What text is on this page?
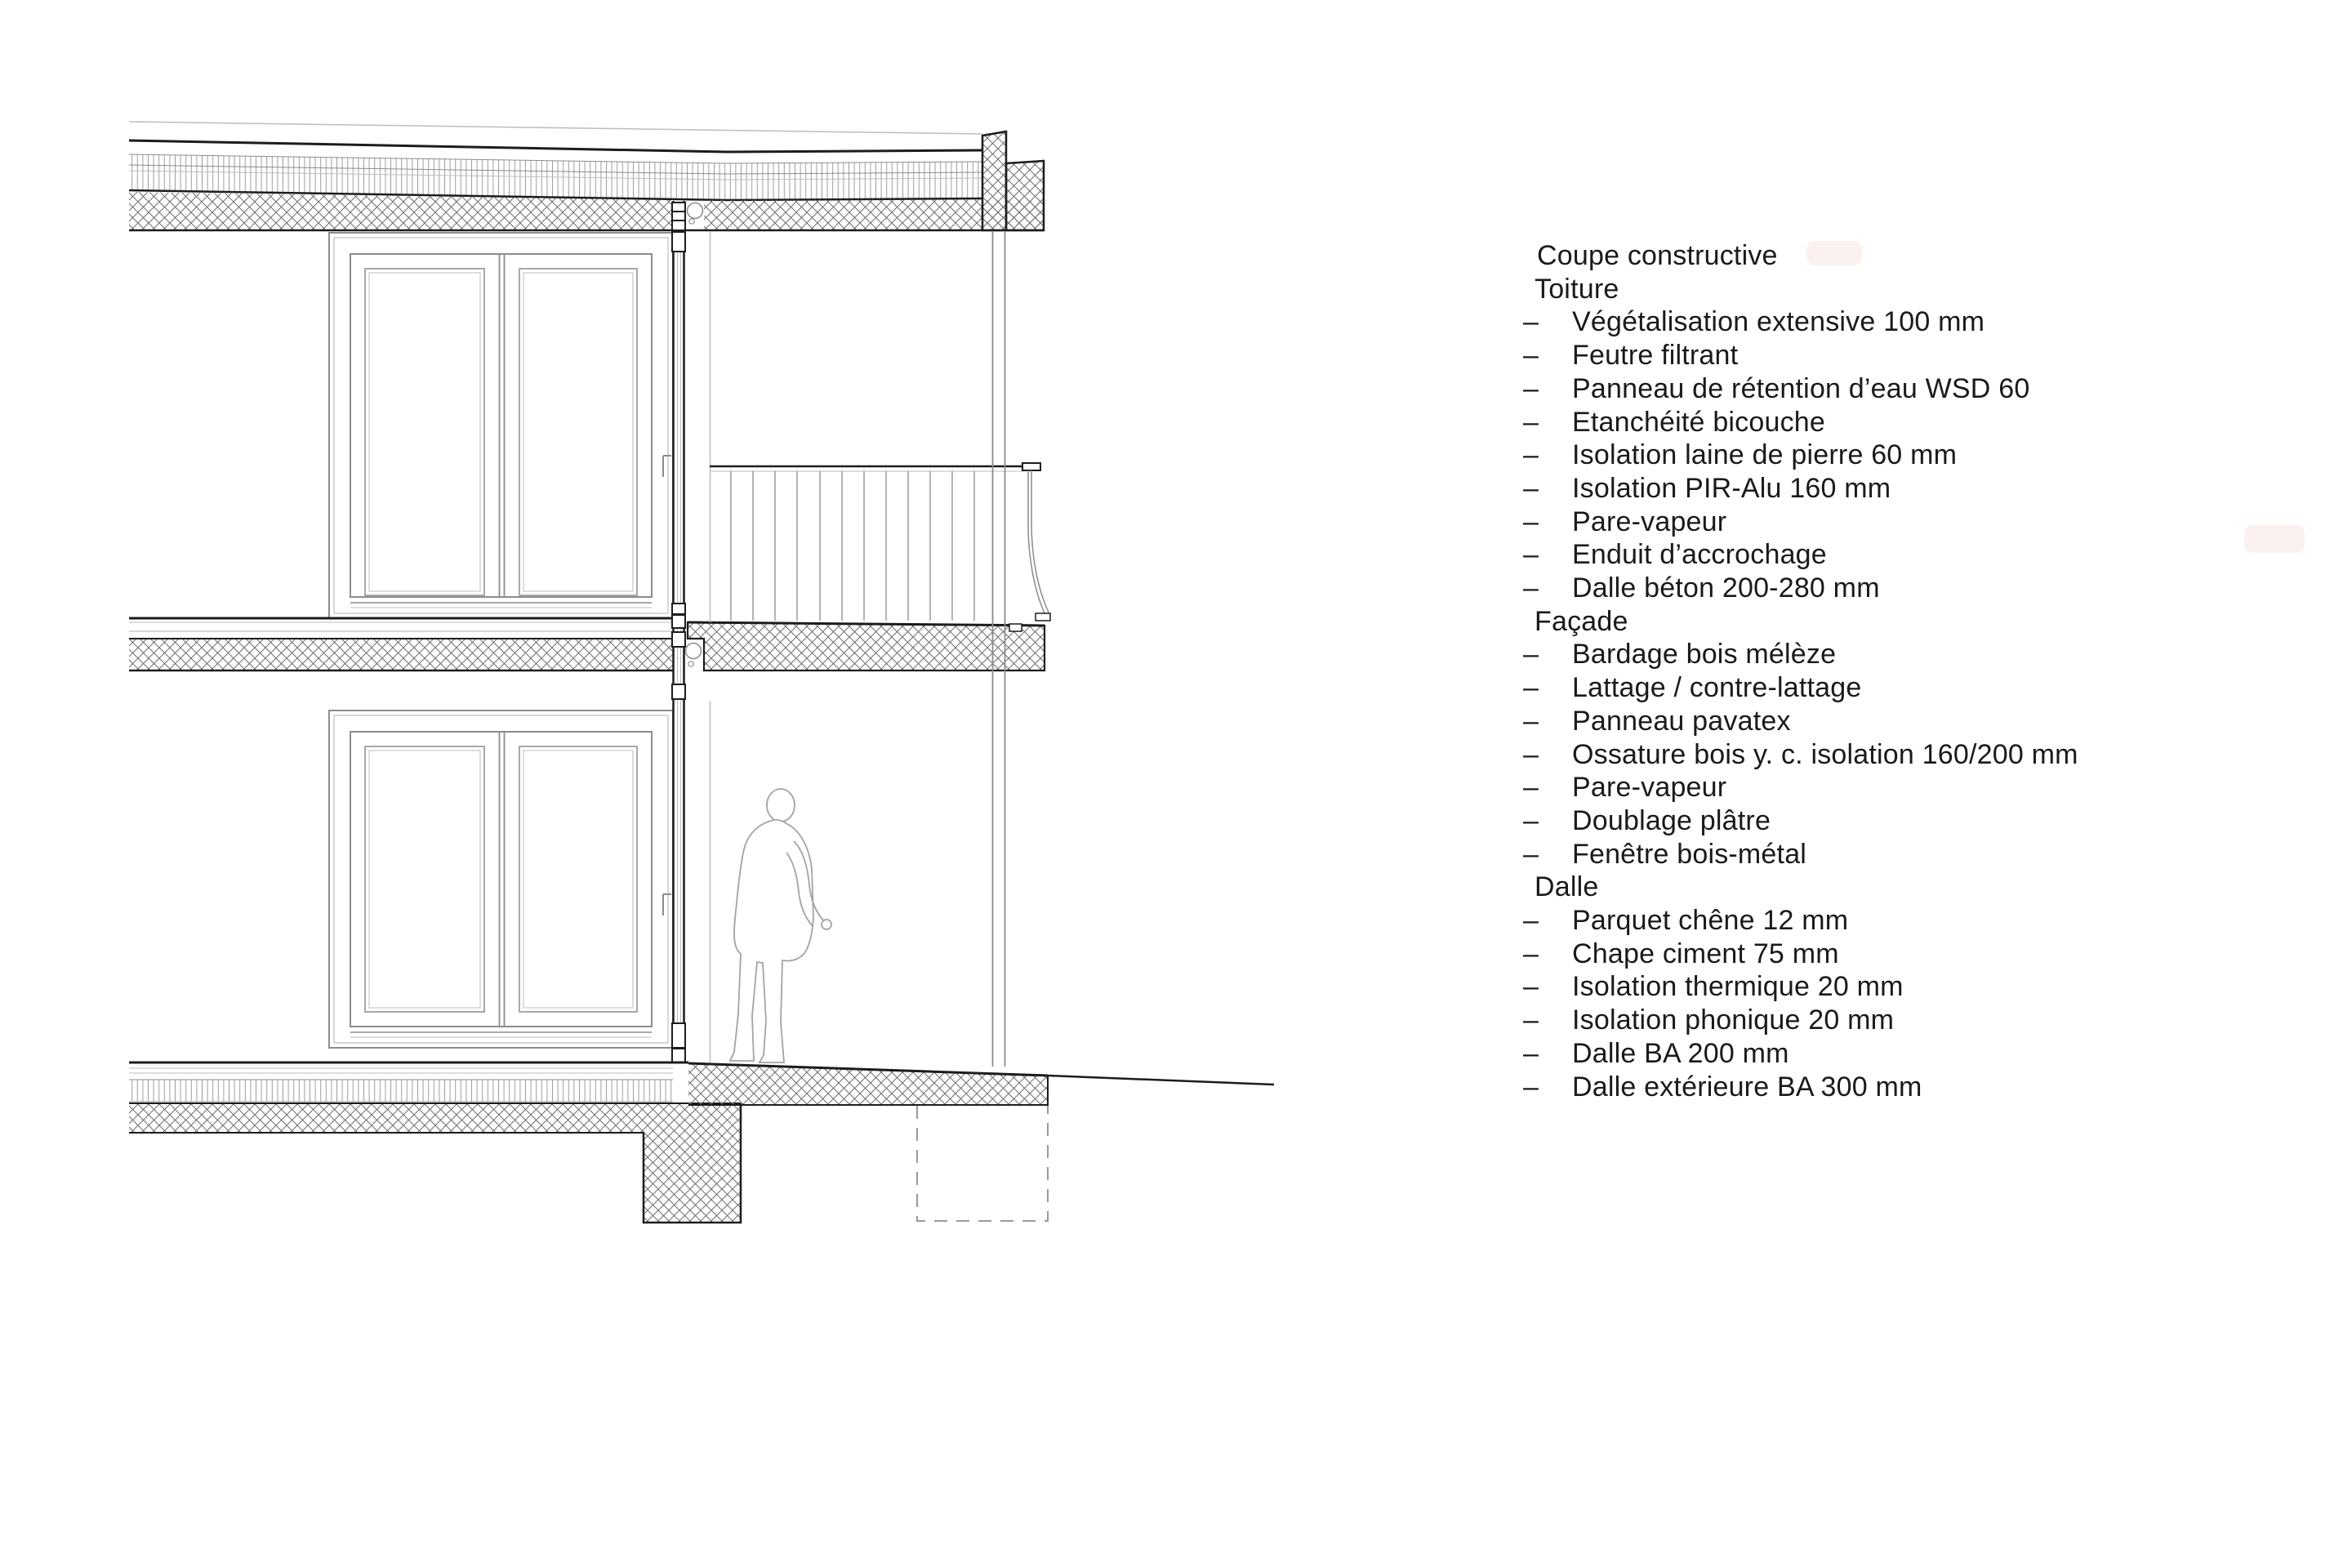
Coupe constructive
Toiture
–	Végétalisation extensive 100 mm
–	Feutre filtrant
–	Panneau de rétention d’eau WSD 60
–	Etanchéité bicouche
–	Isolation laine de pierre 60 mm
–	Isolation PIR-Alu 160 mm
–	Pare-vapeur
–	Enduit d’accrochage
–	Dalle béton 200-280 mm
Façade
–	Bardage bois mélèze
–	Lattage / contre-lattage
–	Panneau pavatex
–	Ossature bois y. c. isolation 160/200 mm
–	Pare-vapeur
–	Doublage plâtre
–	Fenêtre bois-métal
Dalle
–	Parquet chêne 12 mm
–	Chape ciment 75 mm
–	Isolation thermique 20 mm
–	Isolation phonique 20 mm
–	Dalle BA 200 mm
–	Dalle extérieure BA 300 mm
